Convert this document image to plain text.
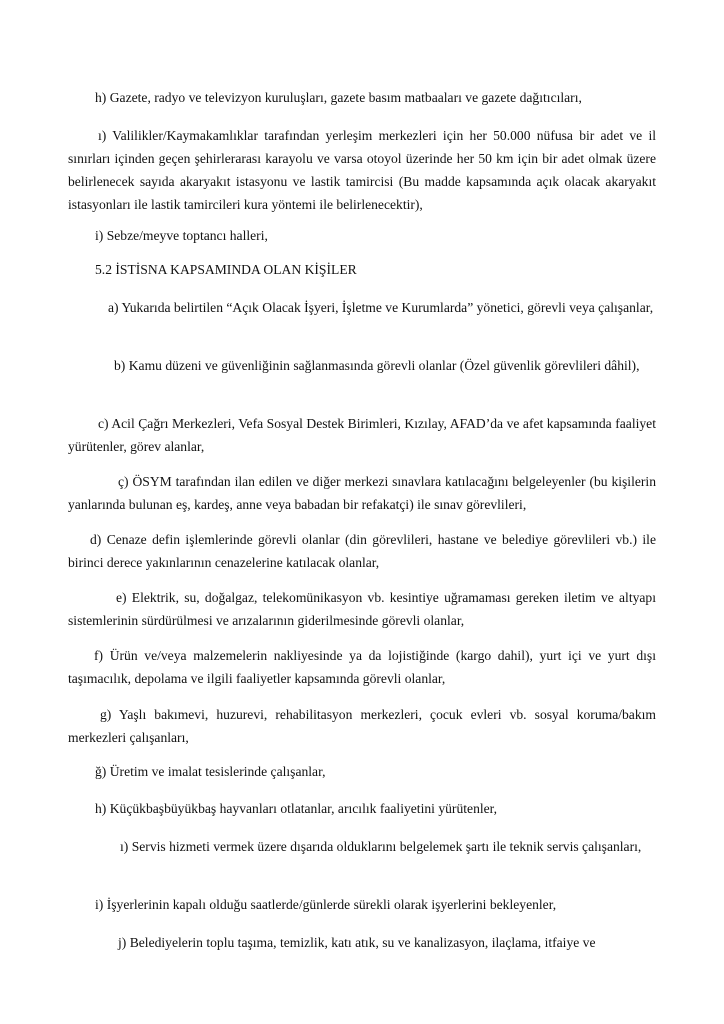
h) Gazete, radyo ve televizyon kuruluşları, gazete basım matbaaları ve gazete dağıtıcıları,

ı) Valilikler/Kaymakamlıklar tarafından yerleşim merkezleri için her 50.000 nüfusa bir adet ve il sınırları içinden geçen şehirlerarası karayolu ve varsa otoyol üzerinde her 50 km için bir adet olmak üzere belirlenecek sayıda akaryakıt istasyonu ve lastik tamircisi (Bu madde kapsamında açık olacak akaryakıt istasyonları ile lastik tamircileri kura yöntemi ile belirlenecektir),

i) Sebze/meyve toptancı halleri,

5.2 İSTİSNA KAPSAMINDA OLAN KİŞİLER

a) Yukarıda belirtilen “Açık Olacak İşyeri, İşletme ve Kurumlarda” yönetici, görevli veya çalışanlar,

b) Kamu düzeni ve güvenliğinin sağlanmasında görevli olanlar (Özel güvenlik görevlileri dâhil),

c) Acil Çağrı Merkezleri, Vefa Sosyal Destek Birimleri, Kızılay, AFAD’da ve afet kapsamında faaliyet yürütenler, görev alanlar,

ç) ÖSYM tarafından ilan edilen ve diğer merkezi sınavlara katılacağını belgeleyenler (bu kişilerin yanlarında bulunan eş, kardeş, anne veya babadan bir refakatçi) ile sınav görevlileri,

d) Cenaze defin işlemlerinde görevli olanlar (din görevlileri, hastane ve belediye görevlileri vb.) ile birinci derece yakınlarının cenazelerine katılacak olanlar,

e) Elektrik, su, doğalgaz, telekomünikasyon vb. kesintiye uğramaması gereken iletim ve altyapı sistemlerinin sürdürülmesi ve arızalarının giderilmesinde görevli olanlar,

f) Ürün ve/veya malzemelerin nakliyesinde ya da lojistiğinde (kargo dahil), yurt içi ve yurt dışı taşımacılık, depolama ve ilgili faaliyetler kapsamında görevli olanlar,

g) Yaşlı bakımevi, huzurevi, rehabilitasyon merkezleri, çocuk evleri vb. sosyal koruma/bakım merkezleri çalışanları,

ğ) Üretim ve imalat tesislerinde çalışanlar,

h) Küçükbaşbüyükbaş hayvanları otlatanlar, arıcılık faaliyetini yürütenler,

ı) Servis hizmeti vermek üzere dışarıda olduklarını belgelemek şartı ile teknik servis çalışanları,

i) İşyerlerinin kapalı olduğu saatlerde/günlerde sürekli olarak işyerlerini bekleyenler,

j) Belediyelerin toplu taşıma, temizlik, katı atık, su ve kanalizasyon, ilaçlama, itfaiye ve
